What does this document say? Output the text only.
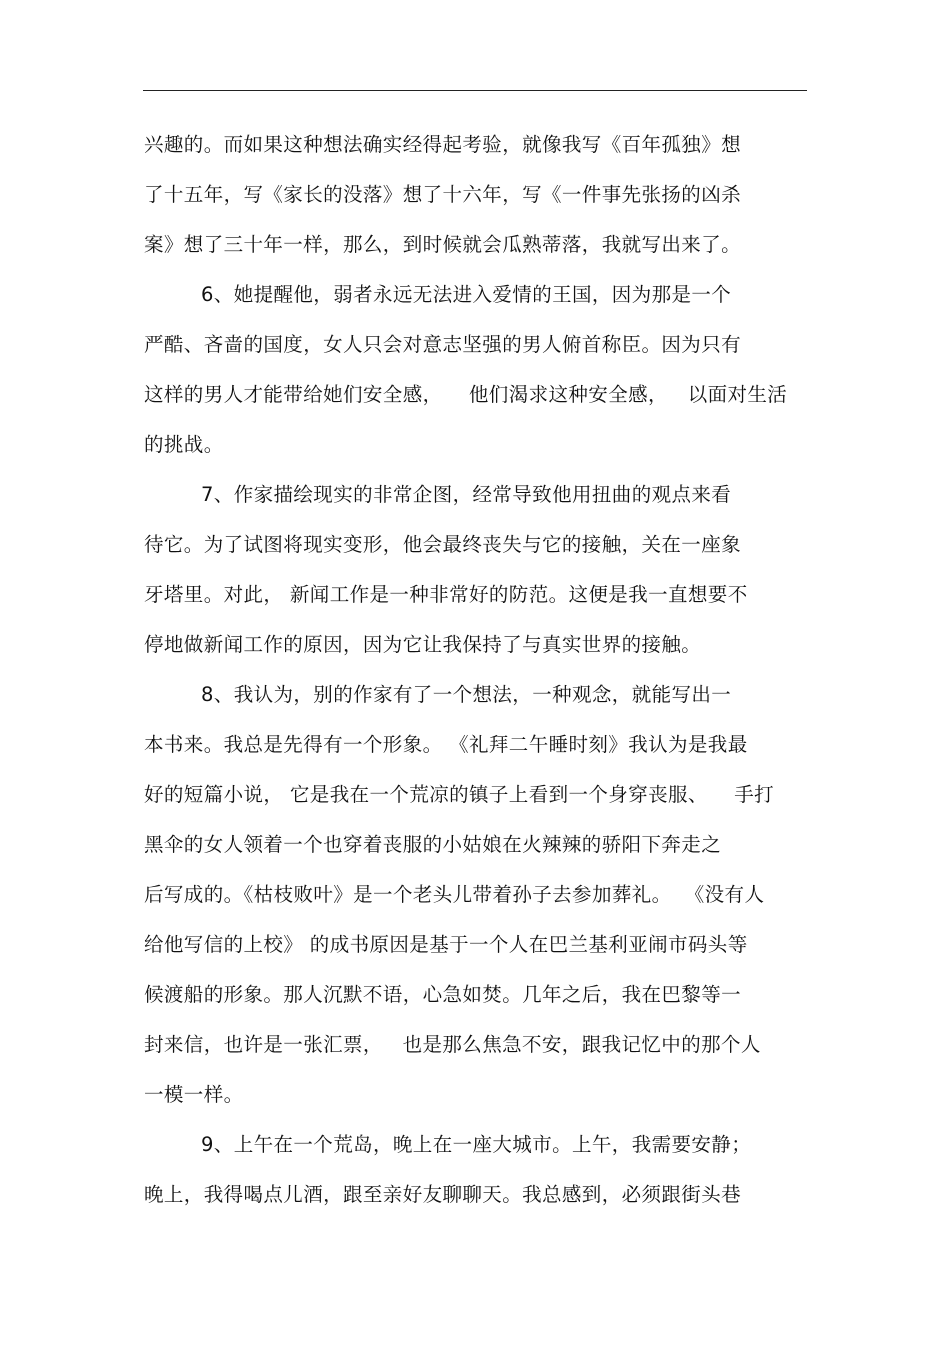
兴趣的。而如果这种想法确实经得起考验，就像我写《百年孤独》想
了十五年，写《家长的没落》想了十六年，写《一件事先张扬的凶杀
案》想了三十年一样，那么，到时候就会瓜熟蒂落，我就写出来了。
6、她提醒他，弱者永远无法进入爱情的王国，因为那是一个
严酷、吝啬的国度，女人只会对意志坚强的男人俯首称臣。因为只有
这样的男人才能带给她们安全感，    他们渴求这种安全感，   以面对生活
的挑战。
7、作家描绘现实的非常企图，经常导致他用扭曲的观点来看
待它。为了试图将现实变形，他会最终丧失与它的接触，关在一座象
牙塔里。对此， 新闻工作是一种非常好的防范。这便是我一直想要不
停地做新闻工作的原因，因为它让我保持了与真实世界的接触。
8、我认为，别的作家有了一个想法，一种观念，就能写出一
本书来。我总是先得有一个形象。 《礼拜二午睡时刻》我认为是我最
好的短篇小说， 它是我在一个荒凉的镇子上看到一个身穿丧服、    手打
黑伞的女人领着一个也穿着丧服的小姑娘在火辣辣的骄阳下奔走之
后写成的。《枯枝败叶》是一个老头儿带着孙子去参加葬礼。  《没有人
给他写信的上校》 的成书原因是基于一个人在巴兰基利亚闹市码头等
候渡船的形象。那人沉默不语，心急如焚。几年之后，我在巴黎等一
封来信，也许是一张汇票，   也是那么焦急不安，跟我记忆中的那个人
一模一样。
9、上午在一个荒岛，晚上在一座大城市。上午，我需要安静；
晚上，我得喝点儿酒，跟至亲好友聊聊天。我总感到，必须跟街头巷
